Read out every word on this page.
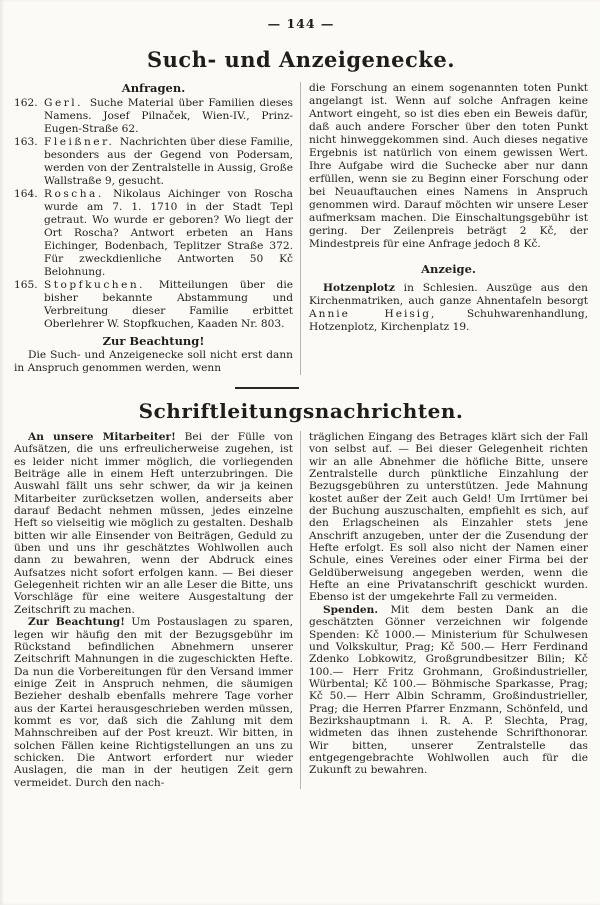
— 144 —
Such- und Anzeigenecke.
Anfragen.

162. Gerl. Suche Material über Familien dieses Namens. Josef Pilnaček, Wien-IV., Prinz-Eugen-Straße 62.

163. Fleißner. Nachrichten über diese Familie, besonders aus der Gegend von Podersam, werden von der Zentralstelle in Aussig, Große Wallstraße 9, gesucht.

164. Roscha. Nikolaus Aichinger von Roscha wurde am 7. 1. 1710 in der Stadt Tepl getraut. Wo wurde er geboren? Wo liegt der Ort Roscha? Antwort erbeten an Hans Eichinger, Bodenbach, Teplitzer Straße 372. Für zweckdienliche Antworten 50 Kč Belohnung.

165. Stopfkuchen. Mitteilungen über die bisher bekannte Abstammung und Verbreitung dieser Familie erbittet Oberlehrer W. Stopfkuchen, Kaaden Nr. 803.

Zur Beachtung!

Die Such- und Anzeigenecke soll nicht erst dann in Anspruch genommen werden, wenn

die Forschung an einem sogenannten toten Punkt angelangt ist. Wenn auf solche Anfragen keine Antwort eingeht, so ist dies eben ein Beweis dafür, daß auch andere Forscher über den toten Punkt nicht hinweggekommen sind. Auch dieses negative Ergebnis ist natürlich von einem gewissen Wert. Ihre Aufgabe wird die Suchecke aber nur dann erfüllen, wenn sie zu Beginn einer Forschung oder bei Neuauftauchen eines Namens in Anspruch genommen wird. Darauf möchten wir unsere Leser aufmerksam machen. Die Einschaltungsgebühr ist gering. Der Zeilenpreis beträgt 2 Kč, der Mindestpreis für eine Anfrage jedoch 8 Kč.

Anzeige.

Hotzenplotz in Schlesien. Auszüge aus den Kirchenmatriken, auch ganze Ahnentafeln besorgt Annie Heisig, Schuhwarenhandlung, Hotzenplotz, Kirchenplatz 19.

Schriftleitungsnachrichten.

An unsere Mitarbeiter! Bei der Fülle von Aufsätzen, die uns erfreulicherweise zugehen, ist es leider nicht immer möglich, die vorliegenden Beiträge alle in einem Heft unterzubringen. Die Auswahl fällt uns sehr schwer, da wir ja keinen Mitarbeiter zurücksetzen wollen, anderseits aber darauf Bedacht nehmen müssen, jedes einzelne Heft so vielseitig wie möglich zu gestalten. Deshalb bitten wir alle Einsender von Beiträgen, Geduld zu üben und uns ihr geschätztes Wohlwollen auch dann zu bewahren, wenn der Abdruck eines Aufsatzes nicht sofort erfolgen kann. — Bei dieser Gelegenheit richten wir an alle Leser die Bitte, uns Vorschläge für eine weitere Ausgestaltung der Zeitschrift zu machen.

Zur Beachtung! Um Postauslagen zu sparen, legen wir häufig den mit der Bezugsgebühr im Rückstand befindlichen Abnehmern unserer Zeitschrift Mahnungen in die zugeschickten Hefte. Da nun die Vorbereitungen für den Versand immer einige Zeit in Anspruch nehmen, die säumigen Bezieher deshalb ebenfalls mehrere Tage vorher aus der Kartei herausgeschrieben werden müssen, kommt es vor, daß sich die Zahlung mit dem Mahnschreiben auf der Post kreuzt. Wir bitten, in solchen Fällen keine Richtigstellungen an uns zu schicken. Die Antwort erfordert nur wieder Auslagen, die man in der heutigen Zeit gern vermeidet. Durch den nach-

träglichen Eingang des Betrages klärt sich der Fall von selbst auf. — Bei dieser Gelegenheit richten wir an alle Abnehmer die höfliche Bitte, unsere Zentralstelle durch pünktliche Einzahlung der Bezugsgebühren zu unterstützen. Jede Mahnung kostet außer der Zeit auch Geld! Um Irrtümer bei der Buchung auszuschalten, empfiehlt es sich, auf den Erlagscheinen als Einzahler stets jene Anschrift anzugeben, unter der die Zusendung der Hefte erfolgt. Es soll also nicht der Namen einer Schule, eines Vereines oder einer Firma bei der Geldüberweisung angegeben werden, wenn die Hefte an eine Privatanschrift geschickt wurden. Ebenso ist der umgekehrte Fall zu vermeiden.

Spenden. Mit dem besten Dank an die geschätzten Gönner verzeichnen wir folgende Spenden: Kč 1000.— Ministerium für Schulwesen und Volkskultur, Prag; Kč 500.— Herr Ferdinand Zdenko Lobkowitz, Großgrundbesitzer Bilin; Kč 100.— Herr Fritz Grohmann, Großindustrieller, Würbental; Kč 100.— Böhmische Sparkasse, Prag; Kč 50.— Herr Albin Schramm, Großindustrieller, Prag; die Herren Pfarrer Enzmann, Schönfeld, und Bezirkshauptmann i. R. A. P. Slechta, Prag, widmeten das ihnen zustehende Schrifthonorar. Wir bitten, unserer Zentralstelle das entgegengebrachte Wohlwollen auch für die Zukunft zu bewahren.
